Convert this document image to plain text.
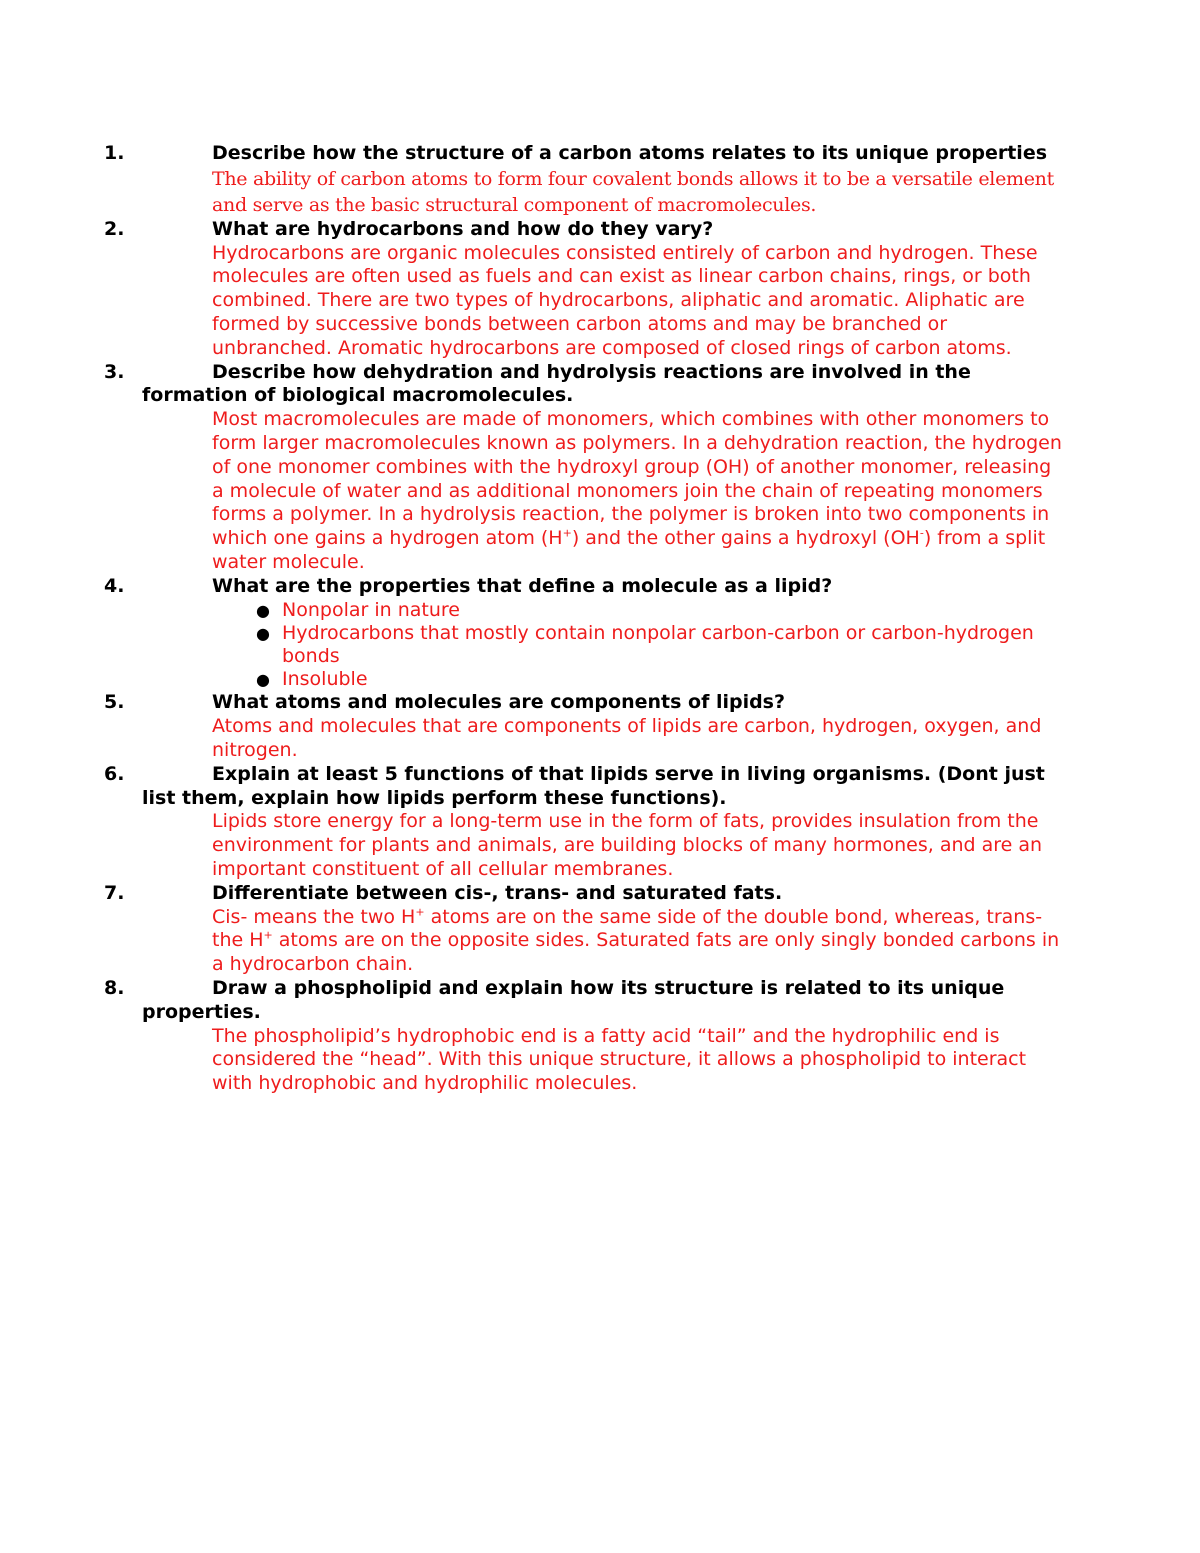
1.	Describe how the structure of a carbon atoms relates to its unique properties

The ability of carbon atoms to form four covalent bonds allows it to be a versatile element and serve as the basic structural component of macromolecules.

2.	What are hydrocarbons and how do they vary?

Hydrocarbons are organic molecules consisted entirely of carbon and hydrogen. These molecules are often used as fuels and can exist as linear carbon chains, rings, or both combined. There are two types of hydrocarbons, aliphatic and aromatic. Aliphatic are formed by successive bonds between carbon atoms and may be branched or unbranched. Aromatic hydrocarbons are composed of closed rings of carbon atoms.

3.	Describe how dehydration and hydrolysis reactions are involved in the formation of biological macromolecules.

Most macromolecules are made of monomers, which combines with other monomers to form larger macromolecules known as polymers. In a dehydration reaction, the hydrogen of one monomer combines with the hydroxyl group (OH) of another monomer, releasing a molecule of water and as additional monomers join the chain of repeating monomers forms a polymer. In a hydrolysis reaction, the polymer is broken into two components in which one gains a hydrogen atom (H+) and the other gains a hydroxyl (OH-) from a split water molecule.

4.	What are the properties that define a molecule as a lipid?
● Nonpolar in nature
● Hydrocarbons that mostly contain nonpolar carbon-carbon or carbon-hydrogen bonds
● Insoluble
5.	What atoms and molecules are components of lipids?

Atoms and molecules that are components of lipids are carbon, hydrogen, oxygen, and nitrogen.

6.	Explain at least 5 functions of that lipids serve in living organisms. (Dont just list them, explain how lipids perform these functions).

Lipids store energy for a long-term use in the form of fats, provides insulation from the environment for plants and animals, are building blocks of many hormones, and are an important constituent of all cellular membranes.

7.	Differentiate between cis-, trans- and saturated fats.

Cis- means the two H+ atoms are on the same side of the double bond, whereas, trans- the H+ atoms are on the opposite sides. Saturated fats are only singly bonded carbons in a hydrocarbon chain.

8.	Draw a phospholipid and explain how its structure is related to its unique properties.

The phospholipid’s hydrophobic end is a fatty acid “tail” and the hydrophilic end is considered the “head”. With this unique structure, it allows a phospholipid to interact with hydrophobic and hydrophilic molecules.
